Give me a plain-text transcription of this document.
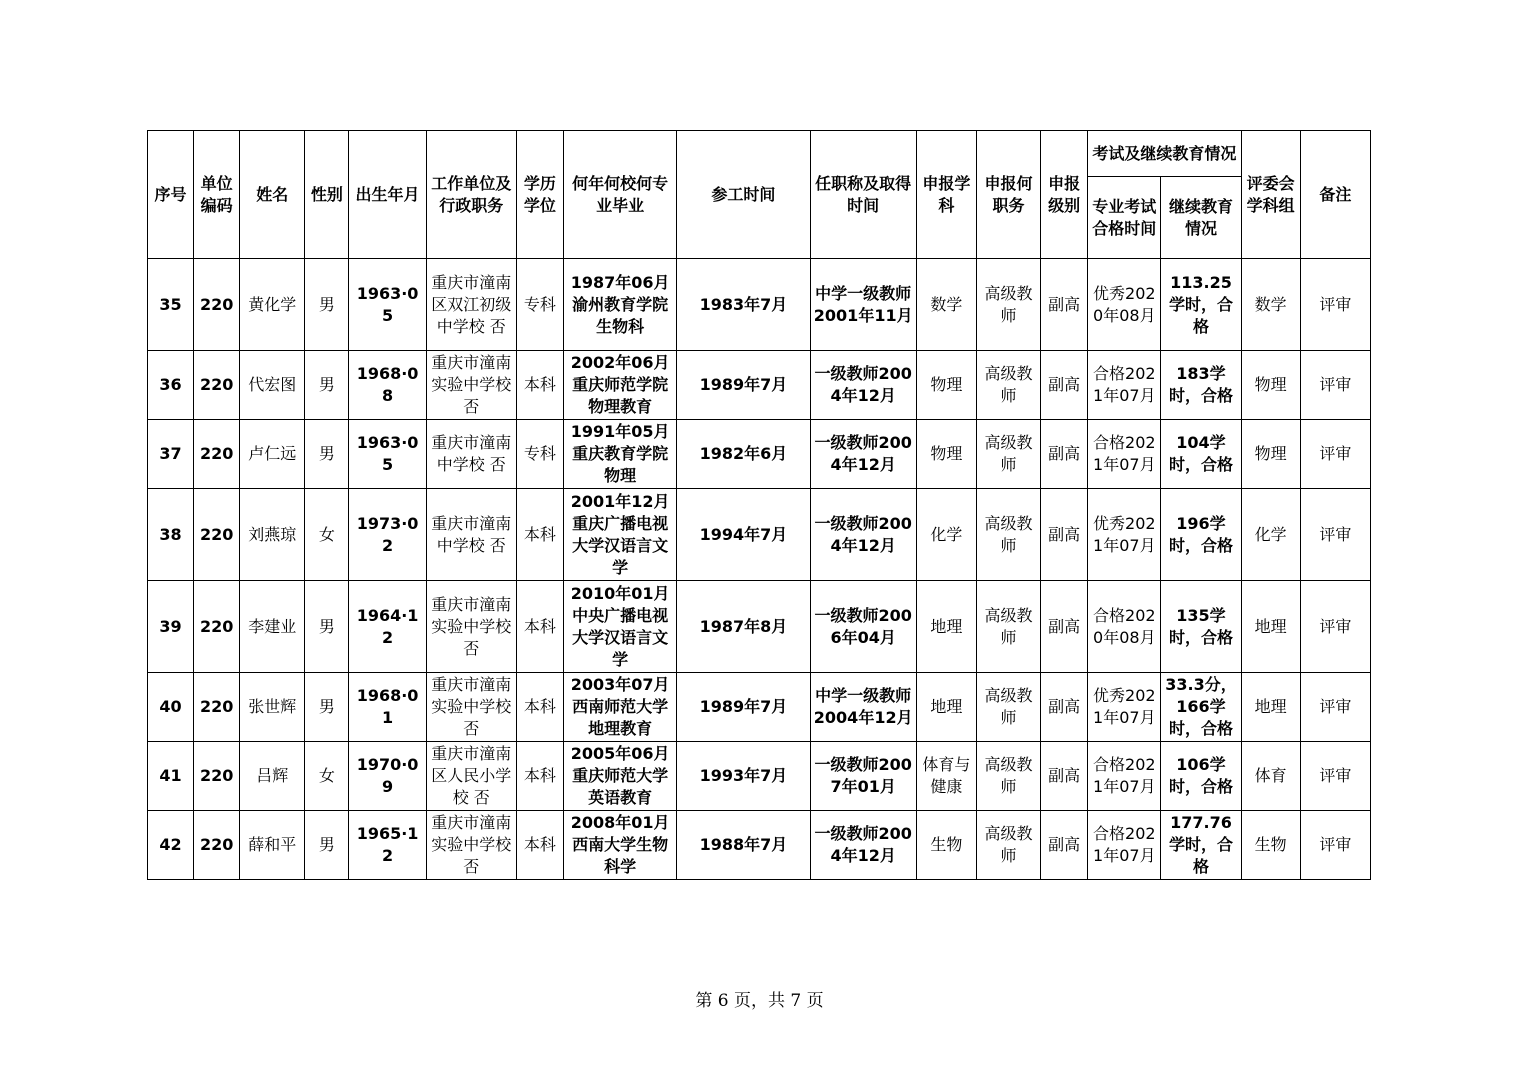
序号	单位编码	姓名	性别	出生年月	工作单位及行政职务	学历学位	何年何校何专业毕业	参工时间	任职称及取得时间	申报学科	申报何职务	申报级别	考试及继续教育情况		评委会学科组	备注
													专业考试合格时间	继续教育情况		
35	220	黄化学	男	1963·05	重庆市潼南区双江初级中学校 否	专科	1987年06月渝州教育学院生物科	1983年7月	中学一级教师2001年11月	数学	高级教师	副高	优秀2020年08月	113.25学时，合格	数学	评审
36	220	代宏图	男	1968·08	重庆市潼南实验中学校 否	本科	2002年06月重庆师范学院物理教育	1989年7月	一级教师2004年12月	物理	高级教师	副高	合格2021年07月	183学时，合格	物理	评审
37	220	卢仁远	男	1963·05	重庆市潼南中学校 否	专科	1991年05月重庆教育学院物理	1982年6月	一级教师2004年12月	物理	高级教师	副高	合格2021年07月	104学时，合格	物理	评审
38	220	刘燕琼	女	1973·02	重庆市潼南中学校 否	本科	2001年12月重庆广播电视大学汉语言文学	1994年7月	一级教师2004年12月	化学	高级教师	副高	优秀2021年07月	196学时，合格	化学	评审
39	220	李建业	男	1964·12	重庆市潼南实验中学校 否	本科	2010年01月中央广播电视大学汉语言文学	1987年8月	一级教师2006年04月	地理	高级教师	副高	合格2020年08月	135学时，合格	地理	评审
40	220	张世辉	男	1968·01	重庆市潼南实验中学校 否	本科	2003年07月西南师范大学地理教育	1989年7月	中学一级教师2004年12月	地理	高级教师	副高	优秀2021年07月	33.3分，166学时，合格	地理	评审
41	220	吕辉	女	1970·09	重庆市潼南区人民小学校 否	本科	2005年06月重庆师范大学英语教育	1993年7月	一级教师2007年01月	体育与健康	高级教师	副高	合格2021年07月	106学时，合格	体育	评审
42	220	薛和平	男	1965·12	重庆市潼南实验中学校 否	本科	2008年01月西南大学生物科学	1988年7月	一级教师2004年12月	生物	高级教师	副高	合格2021年07月	177.76学时，合格	生物	评审
第 6 页，共 7 页
